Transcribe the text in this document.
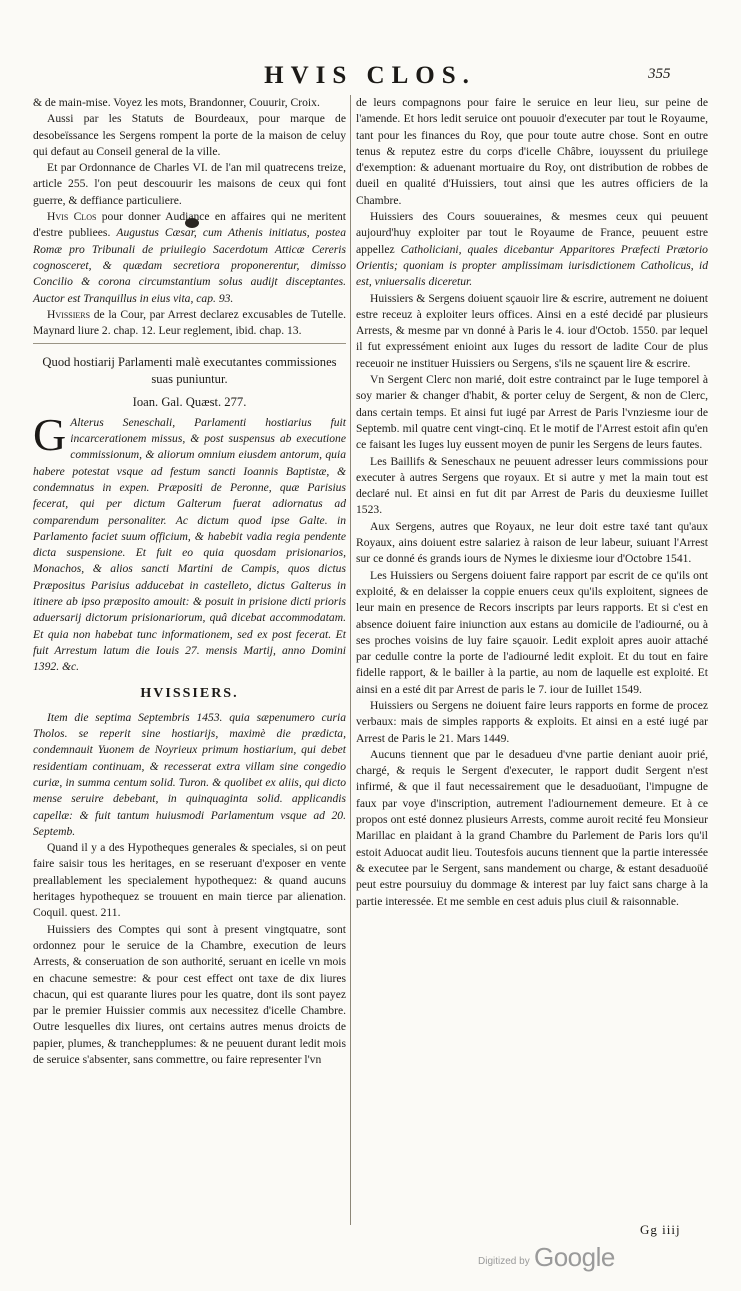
HVIS CLOS.	355

& de main-mise. Voyez les mots, Brandonner, Couurir, Croix.

Aussi par les Statuts de Bourdeaux, pour marque de desobeïssance les Sergens rompent la porte de la maison de celuy qui defaut au Conseil general de la ville.

Et par Ordonnance de Charles VI. de l'an mil quatrecens treize, article 255. l'on peut descouurir les maisons de ceux qui font guerre, & deffiance particuliere.

Hvis Clos pour donner Audiance en affaires qui ne meritent d'estre publiees. Augustus Cæsar, cum Athenis initiatus, postea Romæ pro Tribunali de priuilegio Sacerdotum Atticæ Cereris cognosceret, & quædam secretiora proponerentur, dimisso Concilio & corona circumstantium solus audijt disceptantes. Auctor est Tranquillus in eius vita, cap. 93.

Hvissiers de la Cour, par Arrest declarez excusables de Tutelle. Maynard liure 2. chap. 12. Leur reglement, ibid. chap. 13.

Quod hostiarij Parlamenti malè executantes commissiones suas puniuntur.

Ioan. Gal. Quæst. 277.

G Alterus Seneschali, Parlamenti hostiarius fuit incarcerationem missus, & post suspensus ab executione commissionum, & aliorum omnium eiusdem antorum, quia habere potestat vsque ad festum sancti Ioannis Baptistæ, & condemnatus in expen. Præpositi de Peronne, quæ Parisius fecerat, qui per dictum Galterum fuerat adiornatus ad comparendum personaliter. Ac dictum quod ipse Galte. in Parlamento faciet suum officium, & habebit vadia regia pendente dicta suspensione. Et fuit eo quia quosdam prisionarios, Monachos, & alios sancti Martini de Campis, quos dictus Præpositus Parisius adducebat in castelleto, dictus Galterus in itinere ab ipso præposito amouit: & posuit in prisione dicti prioris aduersarij dictorum prisionariorum, quâ dicebat accommodatam. Et quia non habebat tunc informationem, sed ex post fecerat. Et fuit Arrestum latum die Iouis 27. mensis Martij, anno Domini 1392. &c.

HVISSIERS.

Item die septima Septembris 1453. quia sæpenumero curia Tholos. se reperit sine hostiarijs, maximè die prædicta, condemnauit Yuonem de Noyrieux primum hostiarium, qui debet residentiam continuam, & recesserat extra villam sine congedio curiæ, in summa centum solid. Turon. & quolibet ex aliis, qui dicto mense seruire debebant, in quinquaginta solid. applicandis capellæ: & fuit tantum huiusmodi Parlamentum vsque ad 20. Septemb.

Quand il y a des Hypotheques generales & speciales, si on peut faire saisir tous les heritages, en se reseruant d'exposer en vente preallablement les specialement hypothequez: & quand aucuns heritages hypothequez se trouuent en main tierce par alienation. Coquil. quest. 211.

Huissiers des Comptes qui sont à present vingtquatre, sont ordonnez pour le seruice de la Chambre, execution de leurs Arrests, & conseruation de son authorité, seruant en icelle vn mois en chacune semestre: & pour cest effect ont taxe de dix liures chacun, qui est quarante liures pour les quatre, dont ils sont payez par le premier Huissier commis aux necessitez d'icelle Chambre. Outre lesquelles dix liures, ont certains autres menus droicts de papier, plumes, & tranchepplumes: & ne peuuent durant ledit mois de seruice s'absenter, sans commettre, ou faire representer l'vn

de leurs compagnons pour faire le seruice en leur lieu, sur peine de l'amende. Et hors ledit seruice ont pouuoir d'executer par tout le Royaume, tant pour les finances du Roy, que pour toute autre chose. Sont en outre tenus & reputez estre du corps d'icelle Châbre, iouyssent du priuilege d'exemption: & aduenant mortuaire du Roy, ont distribution de robbes de dueil en qualité d'Huissiers, tout ainsi que les autres officiers de la Chambre.

Huissiers des Cours souueraines, & mesmes ceux qui peuuent aujourd'huy exploiter par tout le Royaume de France, peuuent estre appellez Catholiciani, quales dicebantur Apparitores Præfecti Prætorio Orientis; quoniam is propter amplissimam iurisdictionem Catholicus, id est, vniuersalis diceretur.

Huissiers & Sergens doiuent sçauoir lire & escrire, autrement ne doiuent estre receuz à exploiter leurs offices. Ainsi en a esté decidé par plusieurs Arrests, & mesme par vn donné à Paris le 4. iour d'Octob. 1550. par lequel il fut expressément enioint aux Iuges du ressort de ladite Cour de plus receuoir ne instituer Huissiers ou Sergens, s'ils ne sçauent lire & escrire.

Vn Sergent Clerc non marié, doit estre contrainct par le Iuge temporel à soy marier & changer d'habit, & porter celuy de Sergent, & non de Clerc, dans certain temps. Et ainsi fut iugé par Arrest de Paris l'vnziesme iour de Septemb. mil quatre cent vingt-cinq. Et le motif de l'Arrest estoit afin qu'en ce faisant les Iuges luy eussent moyen de punir les Sergens de leurs fautes.

Les Baillifs & Seneschaux ne peuuent adresser leurs commissions pour executer à autres Sergens que royaux. Et si autre y met la main tout est declaré nul. Et ainsi en fut dit par Arrest de Paris du deuxiesme Iuillet 1523.

Aux Sergens, autres que Royaux, ne leur doit estre taxé tant qu'aux Royaux, ains doiuent estre salariez à raison de leur labeur, suiuant l'Arrest sur ce donné és grands iours de Nymes le dixiesme iour d'Octobre 1541.

Les Huissiers ou Sergens doiuent faire rapport par escrit de ce qu'ils ont exploité, & en delaisser la coppie enuers ceux qu'ils exploitent, signees de leur main en presence de Recors inscripts par leurs rapports. Et si c'est en absence doiuent faire iniunction aux estans au domicile de l'adiourné, ou à ses proches voisins de luy faire sçauoir. Ledit exploit apres auoir attaché par cedulle contre la porte de l'adiourné ledit exploit. Et du tout en faire fidelle rapport, & le bailler à la partie, au nom de laquelle est exploité. Et ainsi en a esté dit par Arrest de paris le 7. iour de Iuillet 1549.

Huissiers ou Sergens ne doiuent faire leurs rapports en forme de procez verbaux: mais de simples rapports & exploits. Et ainsi en a esté iugé par Arrest de Paris le 21. Mars 1449.

Aucuns tiennent que par le desadueu d'vne partie deniant auoir prié, chargé, & requis le Sergent d'executer, le rapport dudit Sergent n'est infirmé, & que il faut necessairement que le desaduoüant, l'impugne de faux par voye d'inscription, autrement l'adiournement demeure. Et à ce propos ont esté donnez plusieurs Arrests, comme auroit recité feu Monsieur Marillac en plaidant à la grand Chambre du Parlement de Paris lors qu'il estoit Aduocat audit lieu. Toutesfois aucuns tiennent que la partie interessée & executee par le Sergent, sans mandement ou charge, & estant desaduoüé peut estre poursuiuy du dommage & interest par luy faict sans charge à la partie interessée. Et me semble en cest aduis plus ciuil & raisonnable.

Gg iiij
Digitized by Google
